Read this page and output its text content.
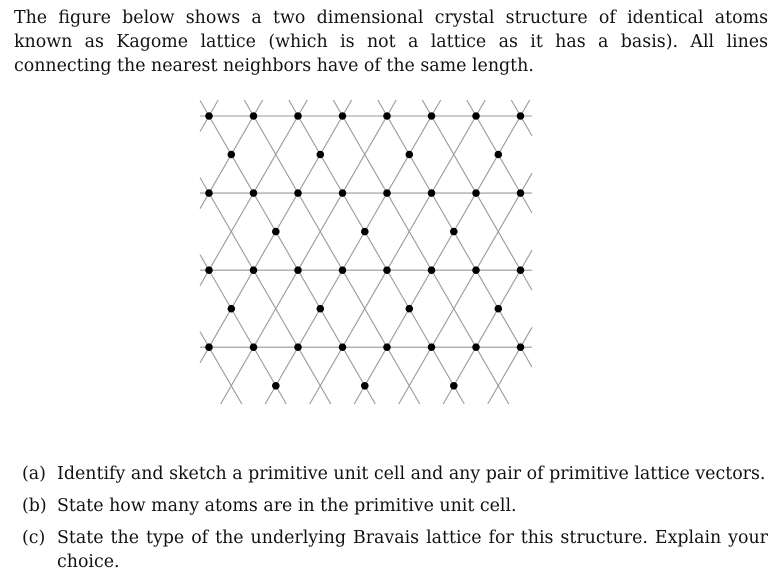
The figure below shows a two dimensional crystal structure of identical atoms known as Kagome lattice (which is not a lattice as it has a basis). All lines connecting the nearest neighbors have of the same length.

(a) Identify and sketch a primitive unit cell and any pair of primitive lattice vectors.
(b) State how many atoms are in the primitive unit cell.
(c) State the type of the underlying Bravais lattice for this structure. Explain your choice.
